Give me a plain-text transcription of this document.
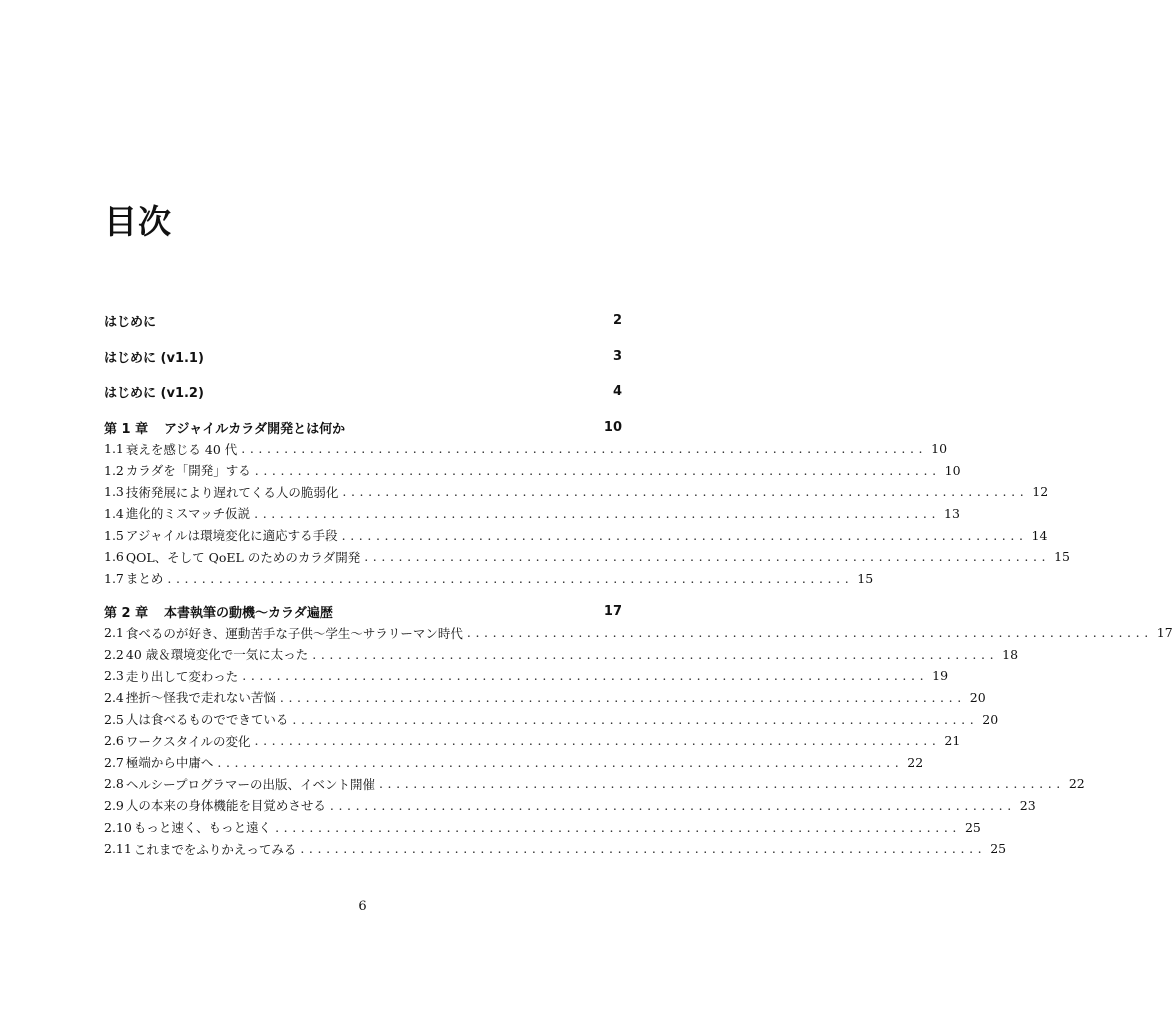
目次
はじめに	2
はじめに (v1.1)	3
はじめに (v1.2)	4
第 1 章	アジャイルカラダ開発とは何か	10
1.1 衰えを感じる 40 代 ................................................................................ 10
1.2 カラダを「開発」する ................................................................................ 10
1.3 技術発展により遅れてくる人の脆弱化 ................................................................................ 12
1.4 進化的ミスマッチ仮説 ................................................................................ 13
1.5 アジャイルは環境変化に適応する手段 ................................................................................ 14
1.6 QOL、そして QoEL のためのカラダ開発 ................................................................................ 15
1.7 まとめ ................................................................................ 15
第 2 章	本書執筆の動機〜カラダ遍歴	17
2.1 食べるのが好き、運動苦手な子供〜学生〜サラリーマン時代 ................................................................................ 17
2.2 40 歳＆環境変化で一気に太った ................................................................................ 18
2.3 走り出して変わった ................................................................................ 19
2.4 挫折〜怪我で走れない苦悩 ................................................................................ 20
2.5 人は食べるものでできている ................................................................................ 20
2.6 ワークスタイルの変化 ................................................................................ 21
2.7 極端から中庸へ ................................................................................ 22
2.8 ヘルシープログラマーの出版、イベント開催 ................................................................................ 22
2.9 人の本来の身体機能を目覚めさせる ................................................................................ 23
2.10 もっと速く、もっと遠く ................................................................................ 25
2.11 これまでをふりかえってみる ................................................................................ 25
6
